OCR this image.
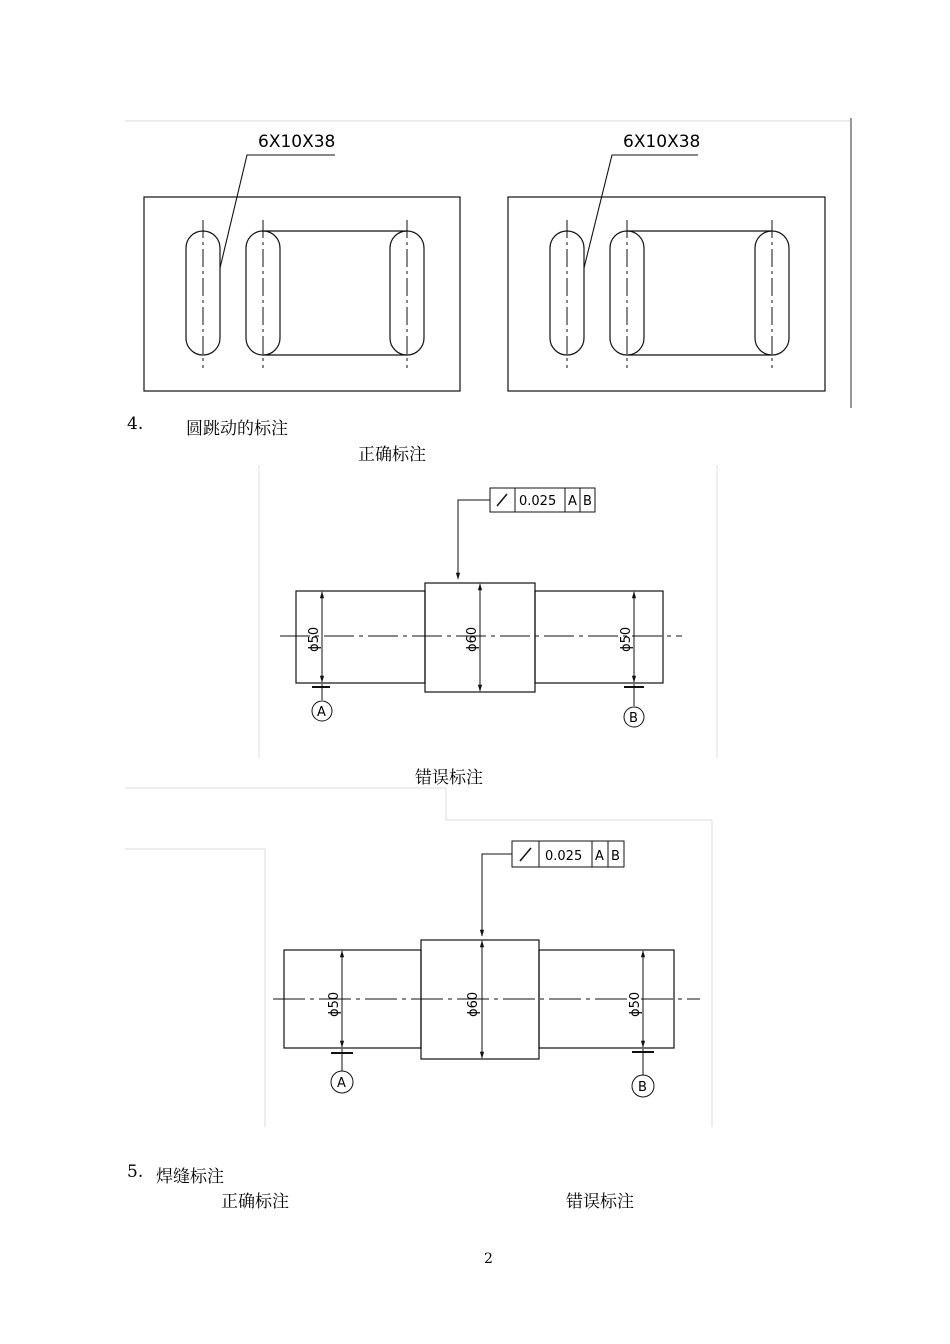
6X10X38	6X10X38
4.	圆跳动的标注
正确标注
ϕ50	ϕ60	ϕ50
0.025 A B
A	B
错误标注
ϕ50	ϕ60	ϕ50
0.025 A B
A	B
5. 焊缝标注
正确标注	错误标注
2
